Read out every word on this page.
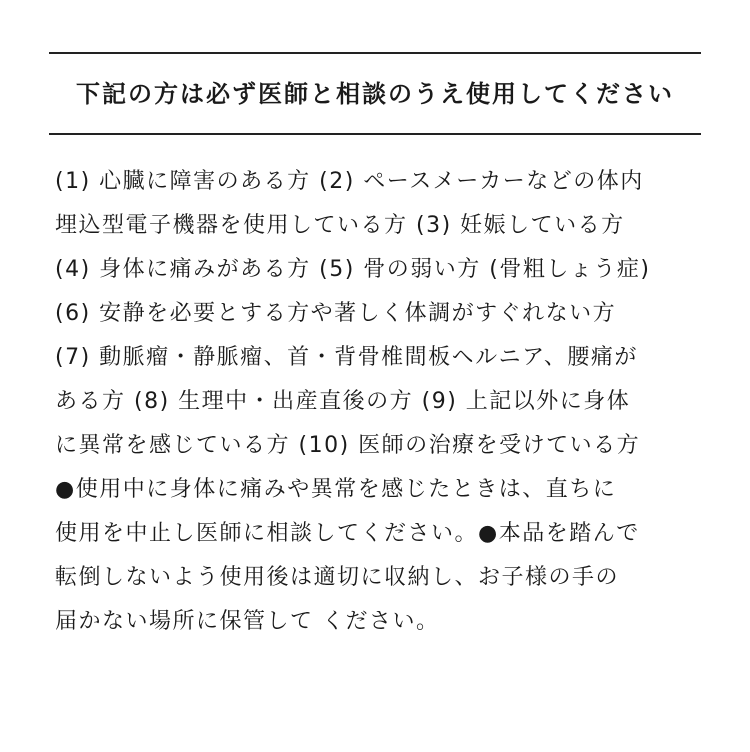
下記の方は必ず医師と相談のうえ使用してください
(1) 心臓に障害のある方 (2) ペースメーカーなどの体内
埋込型電子機器を使用している方 (3) 妊娠している方
(4) 身体に痛みがある方 (5) 骨の弱い方 (骨粗しょう症)
(6) 安静を必要とする方や著しく体調がすぐれない方
(7) 動脈瘤・静脈瘤、首・背骨椎間板ヘルニア、腰痛が
ある方 (8) 生理中・出産直後の方 (9) 上記以外に身体
に異常を感じている方 (10) 医師の治療を受けている方
●使用中に身体に痛みや異常を感じたときは、直ちに
使用を中止し医師に相談してください。●本品を踏んで
転倒しないよう使用後は適切に収納し、お子様の手の
届かない場所に保管して ください。
